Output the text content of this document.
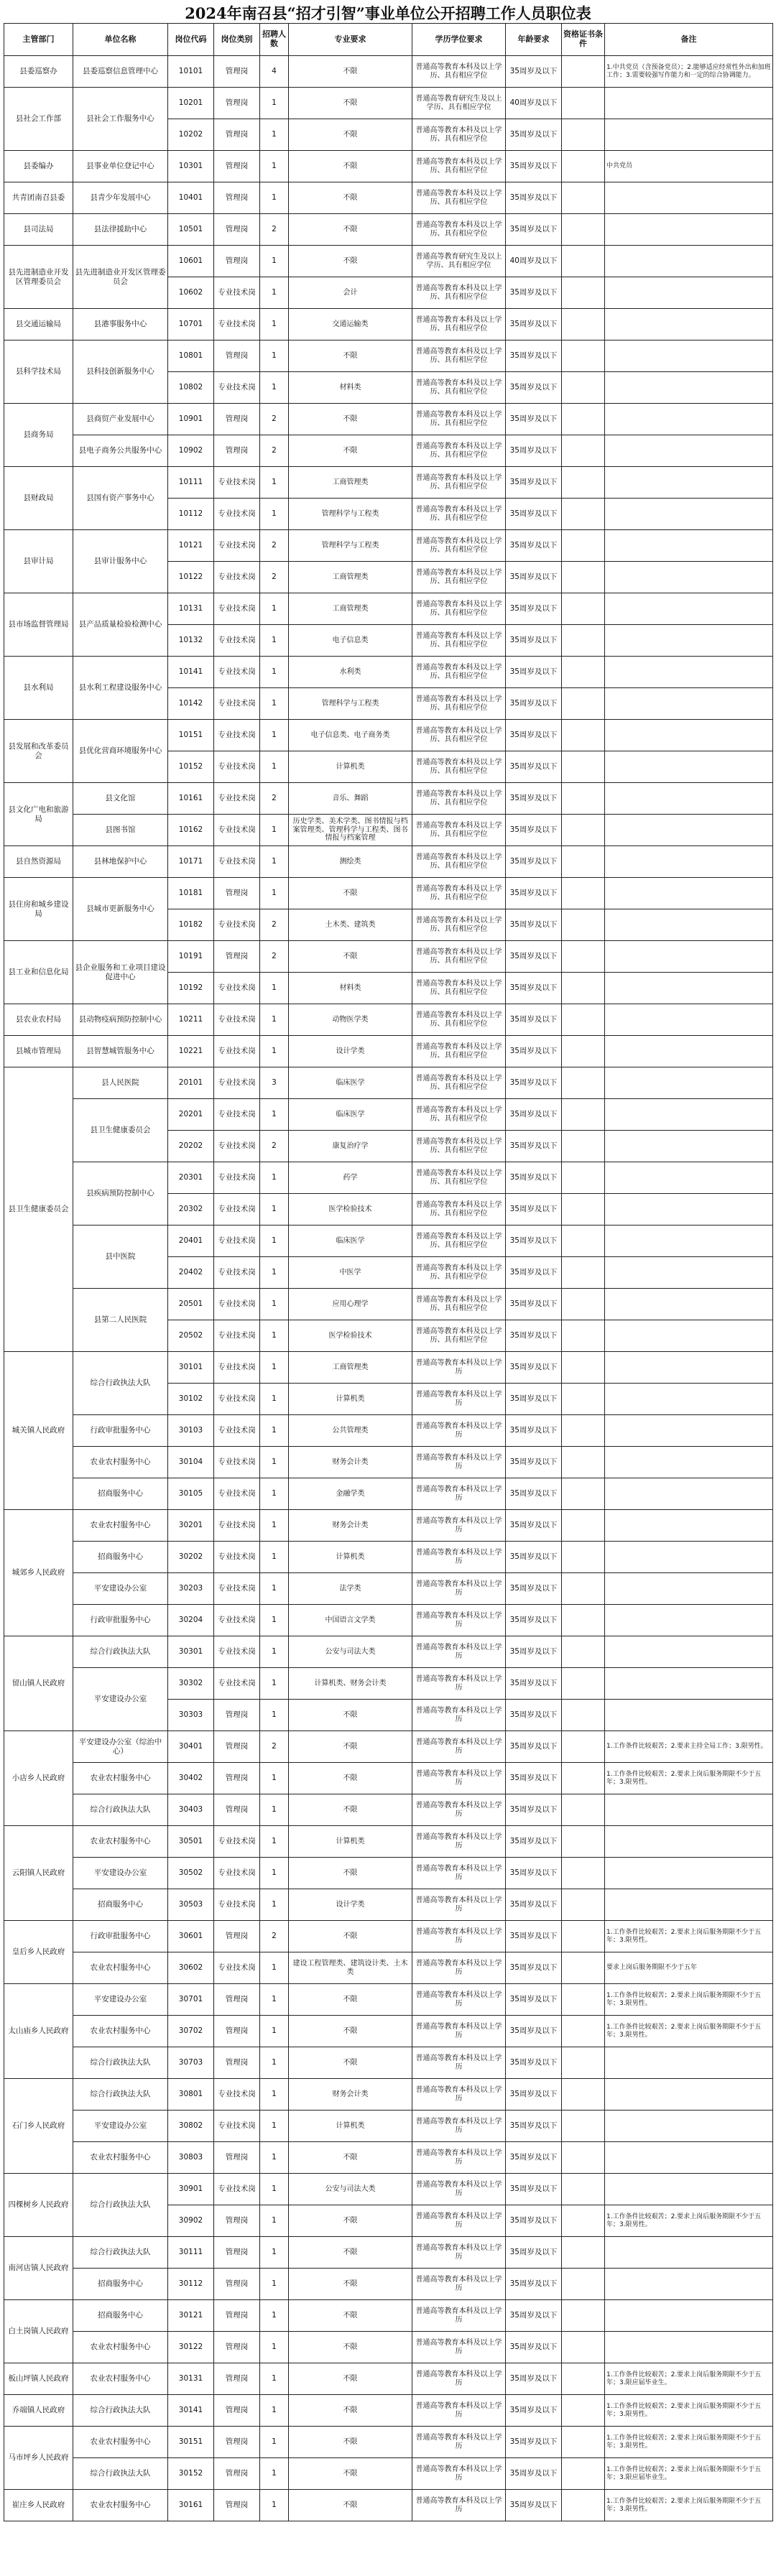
2024年南召县“招才引智”事业单位公开招聘工作人员职位表
主管部门	单位名称	岗位代码	岗位类别	招聘人数	专业要求	学历学位要求	年龄要求	资格证书条件	备注
县委巡察办	县委巡察信息管理中心	10101	管理岗	4	不限	普通高等教育本科及以上学历、具有相应学位	35周岁及以下		1.中共党员（含预备党员）；2.能够适应经常性外出和加班工作；3.需要较强写作能力和一定的综合协调能力。
县社会工作部	县社会工作服务中心	10201	管理岗	1	不限	普通高等教育研究生及以上学历、具有相应学位	40周岁及以下		
		10202	管理岗	1	不限	普通高等教育本科及以上学历、具有相应学位	35周岁及以下		
县委编办	县事业单位登记中心	10301	管理岗	1	不限	普通高等教育本科及以上学历、具有相应学位	35周岁及以下		中共党员
共青团南召县委	县青少年发展中心	10401	管理岗	1	不限	普通高等教育本科及以上学历、具有相应学位	35周岁及以下		
县司法局	县法律援助中心	10501	管理岗	2	不限	普通高等教育本科及以上学历、具有相应学位	35周岁及以下		
县先进制造业开发区管理委员会	县先进制造业开发区管理委员会	10601	管理岗	1	不限	普通高等教育研究生及以上学历、具有相应学位	40周岁及以下		
		10602	专业技术岗	1	会计	普通高等教育本科及以上学历、具有相应学位	35周岁及以下		
县交通运输局	县港事服务中心	10701	专业技术岗	1	交通运输类	普通高等教育本科及以上学历、具有相应学位	35周岁及以下		
县科学技术局	县科技创新服务中心	10801	管理岗	1	不限	普通高等教育本科及以上学历、具有相应学位	35周岁及以下		
		10802	专业技术岗	1	材料类	普通高等教育本科及以上学历、具有相应学位	35周岁及以下		
县商务局	县商贸产业发展中心	10901	管理岗	2	不限	普通高等教育本科及以上学历、具有相应学位	35周岁及以下		
	县电子商务公共服务中心	10902	管理岗	2	不限	普通高等教育本科及以上学历、具有相应学位	35周岁及以下		
县财政局	县国有资产事务中心	10111	专业技术岗	1	工商管理类	普通高等教育本科及以上学历、具有相应学位	35周岁及以下		
		10112	专业技术岗	1	管理科学与工程类	普通高等教育本科及以上学历、具有相应学位	35周岁及以下		
县审计局	县审计服务中心	10121	专业技术岗	2	管理科学与工程类	普通高等教育本科及以上学历、具有相应学位	35周岁及以下		
		10122	专业技术岗	2	工商管理类	普通高等教育本科及以上学历、具有相应学位	35周岁及以下		
县市场监督管理局	县产品质量检验检测中心	10131	专业技术岗	1	工商管理类	普通高等教育本科及以上学历、具有相应学位	35周岁及以下		
		10132	专业技术岗	1	电子信息类	普通高等教育本科及以上学历、具有相应学位	35周岁及以下		
县水利局	县水利工程建设服务中心	10141	专业技术岗	1	水利类	普通高等教育本科及以上学历、具有相应学位	35周岁及以下		
		10142	专业技术岗	1	管理科学与工程类	普通高等教育本科及以上学历、具有相应学位	35周岁及以下		
县发展和改革委员会	县优化营商环境服务中心	10151	专业技术岗	1	电子信息类、电子商务类	普通高等教育本科及以上学历、具有相应学位	35周岁及以下		
		10152	专业技术岗	1	计算机类	普通高等教育本科及以上学历、具有相应学位	35周岁及以下		
县文化广电和旅游局	县文化馆	10161	专业技术岗	2	音乐、舞蹈	普通高等教育本科及以上学历、具有相应学位	35周岁及以下		
	县图书馆	10162	专业技术岗	1	历史学类、美术学类、图书情报与档案管理类、管理科学与工程类、图书情报与档案管理	普通高等教育本科及以上学历、具有相应学位	35周岁及以下		
县自然资源局	县林地保护中心	10171	专业技术岗	1	测绘类	普通高等教育本科及以上学历、具有相应学位	35周岁及以下		
县住房和城乡建设局	县城市更新服务中心	10181	管理岗	1	不限	普通高等教育本科及以上学历、具有相应学位	35周岁及以下		
		10182	专业技术岗	2	土木类、建筑类	普通高等教育本科及以上学历、具有相应学位	35周岁及以下		
县工业和信息化局	县企业服务和工业项目建设促进中心	10191	管理岗	2	不限	普通高等教育本科及以上学历、具有相应学位	35周岁及以下		
		10192	专业技术岗	1	材料类	普通高等教育本科及以上学历、具有相应学位	35周岁及以下		
县农业农村局	县动物疫病预防控制中心	10211	专业技术岗	1	动物医学类	普通高等教育本科及以上学历、具有相应学位	35周岁及以下		
县城市管理局	县智慧城管服务中心	10221	专业技术岗	1	设计学类	普通高等教育本科及以上学历、具有相应学位	35周岁及以下		
县卫生健康委员会	县人民医院	20101	专业技术岗	3	临床医学	普通高等教育本科及以上学历、具有相应学位	35周岁及以下		
	县卫生健康委员会	20201	专业技术岗	1	临床医学	普通高等教育本科及以上学历、具有相应学位	35周岁及以下		
		20202	专业技术岗	2	康复治疗学	普通高等教育本科及以上学历、具有相应学位	35周岁及以下		
	县疾病预防控制中心	20301	专业技术岗	1	药学	普通高等教育本科及以上学历、具有相应学位	35周岁及以下		
		20302	专业技术岗	1	医学检验技术	普通高等教育本科及以上学历、具有相应学位	35周岁及以下		
	县中医院	20401	专业技术岗	1	临床医学	普通高等教育本科及以上学历、具有相应学位	35周岁及以下		
		20402	专业技术岗	1	中医学	普通高等教育本科及以上学历、具有相应学位	35周岁及以下		
	县第二人民医院	20501	专业技术岗	1	应用心理学	普通高等教育本科及以上学历、具有相应学位	35周岁及以下		
		20502	专业技术岗	1	医学检验技术	普通高等教育本科及以上学历、具有相应学位	35周岁及以下		
城关镇人民政府	综合行政执法大队	30101	专业技术岗	1	工商管理类	普通高等教育本科及以上学历	35周岁及以下		
		30102	专业技术岗	1	计算机类	普通高等教育本科及以上学历	35周岁及以下		
	行政审批服务中心	30103	专业技术岗	1	公共管理类	普通高等教育本科及以上学历	35周岁及以下		
	农业农村服务中心	30104	专业技术岗	1	财务会计类	普通高等教育本科及以上学历	35周岁及以下		
	招商服务中心	30105	专业技术岗	1	金融学类	普通高等教育本科及以上学历	35周岁及以下		
城郊乡人民政府	农业农村服务中心	30201	专业技术岗	1	财务会计类	普通高等教育本科及以上学历	35周岁及以下		
	招商服务中心	30202	专业技术岗	1	计算机类	普通高等教育本科及以上学历	35周岁及以下		
	平安建设办公室	30203	专业技术岗	1	法学类	普通高等教育本科及以上学历	35周岁及以下		
	行政审批服务中心	30204	专业技术岗	1	中国语言文学类	普通高等教育本科及以上学历	35周岁及以下		
留山镇人民政府	综合行政执法大队	30301	专业技术岗	1	公安与司法大类	普通高等教育本科及以上学历	35周岁及以下		
	平安建设办公室	30302	专业技术岗	1	计算机类、财务会计类	普通高等教育本科及以上学历	35周岁及以下		
		30303	管理岗	1	不限	普通高等教育本科及以上学历	35周岁及以下		
小店乡人民政府	平安建设办公室（综治中心）	30401	管理岗	2	不限	普通高等教育本科及以上学历	35周岁及以下		1.工作条件比较艰苦；2.要求主持全局工作；3.限男性。
	农业农村服务中心	30402	管理岗	1	不限	普通高等教育本科及以上学历	35周岁及以下		1.工作条件比较艰苦；2.要求上岗后服务期限不少于五年；3.限男性。
	综合行政执法大队	30403	管理岗	1	不限	普通高等教育本科及以上学历	35周岁及以下		
云阳镇人民政府	农业农村服务中心	30501	专业技术岗	1	计算机类	普通高等教育本科及以上学历	35周岁及以下		
	平安建设办公室	30502	专业技术岗	1	不限	普通高等教育本科及以上学历	35周岁及以下		
	招商服务中心	30503	专业技术岗	1	设计学类	普通高等教育本科及以上学历	35周岁及以下		
皇后乡人民政府	行政审批服务中心	30601	管理岗	2	不限	普通高等教育本科及以上学历	35周岁及以下		1.工作条件比较艰苦；2.要求上岗后服务期限不少于五年；3.限男性。
	农业农村服务中心	30602	专业技术岗	1	建设工程管理类、建筑设计类、土木类	普通高等教育本科及以上学历	35周岁及以下		要求上岗后服务期限不少于五年
太山庙乡人民政府	平安建设办公室	30701	管理岗	1	不限	普通高等教育本科及以上学历	35周岁及以下		1.工作条件比较艰苦；2.要求上岗后服务期限不少于五年；3.限男性。
	农业农村服务中心	30702	管理岗	1	不限	普通高等教育本科及以上学历	35周岁及以下		1.工作条件比较艰苦；2.要求上岗后服务期限不少于五年；3.限男性。
	综合行政执法大队	30703	管理岗	1	不限	普通高等教育本科及以上学历	35周岁及以下		
石门乡人民政府	综合行政执法大队	30801	专业技术岗	1	财务会计类	普通高等教育本科及以上学历	35周岁及以下		
	平安建设办公室	30802	专业技术岗	1	计算机类	普通高等教育本科及以上学历	35周岁及以下		
	农业农村服务中心	30803	管理岗	1	不限	普通高等教育本科及以上学历	35周岁及以下		
四棵树乡人民政府	综合行政执法大队	30901	专业技术岗	1	公安与司法大类	普通高等教育本科及以上学历	35周岁及以下		
		30902	管理岗	1	不限	普通高等教育本科及以上学历	35周岁及以下		1.工作条件比较艰苦；2.要求上岗后服务期限不少于五年；3.限男性。
南河店镇人民政府	综合行政执法大队	30111	管理岗	1	不限	普通高等教育本科及以上学历	35周岁及以下		
	招商服务中心	30112	管理岗	1	不限	普通高等教育本科及以上学历	35周岁及以下		
白土岗镇人民政府	招商服务中心	30121	管理岗	1	不限	普通高等教育本科及以上学历	35周岁及以下		
	农业农村服务中心	30122	管理岗	1	不限	普通高等教育本科及以上学历	35周岁及以下		
板山坪镇人民政府	农业农村服务中心	30131	管理岗	1	不限	普通高等教育本科及以上学历	35周岁及以下		1.工作条件比较艰苦；2.要求上岗后服务期限不少于五年；3.限应届毕业生。
乔端镇人民政府	综合行政执法大队	30141	管理岗	1	不限	普通高等教育本科及以上学历	35周岁及以下		1.工作条件比较艰苦；2.要求上岗后服务期限不少于五年；3.限男性。
马市坪乡人民政府	农业农村服务中心	30151	管理岗	1	不限	普通高等教育本科及以上学历	35周岁及以下		1.工作条件比较艰苦；2.要求上岗后服务期限不少于五年；3.限男性。
	综合行政执法大队	30152	管理岗	1	不限	普通高等教育本科及以上学历	35周岁及以下		1.工作条件比较艰苦；2.要求上岗后服务期限不少于五年；3.限应届毕业生。
崔庄乡人民政府	农业农村服务中心	30161	管理岗	1	不限	普通高等教育本科及以上学历	35周岁及以下		1.工作条件比较艰苦；2.要求上岗后服务期限不少于五年；3.限男性。
